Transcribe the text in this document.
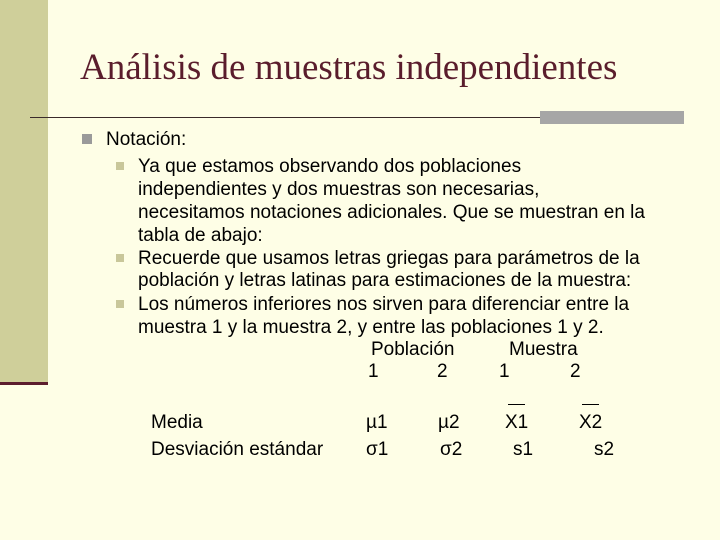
Análisis de muestras independientes
Notación:
Ya que estamos observando dos poblaciones
independientes y dos muestras son necesarias,
necesitamos notaciones adicionales. Que se muestran en la
tabla de abajo:
Recuerde que usamos letras griegas para parámetros de la
población y letras latinas para estimaciones de la muestra:
Los números inferiores nos sirven para diferenciar entre la
muestra 1 y la muestra 2, y entre las poblaciones 1 y 2.
Población	Muestra
1	2	1	2
Media	µ1	µ2 X1	X2
Desviación estándar σ1	σ2	s1	s2
